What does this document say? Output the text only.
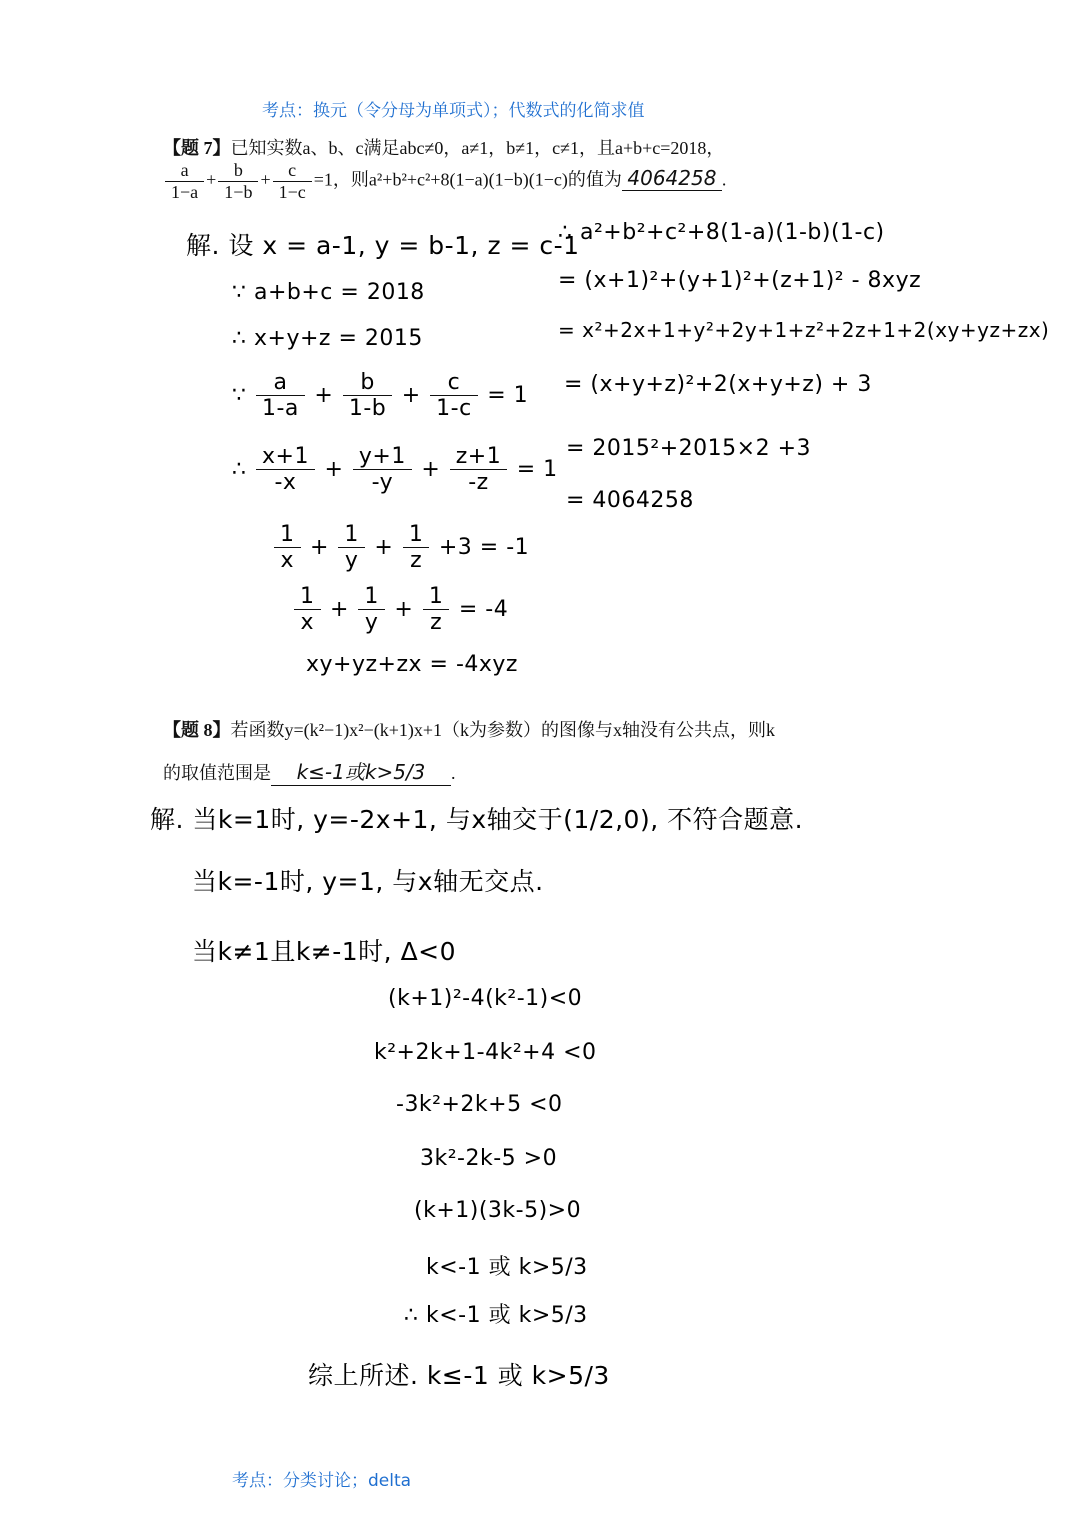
考点：换元（令分母为单项式）；代数式的化简求值
【题 7】已知实数a、b、c满足abc≠0，a≠1，b≠1，c≠1，且a+b+c=2018，
$\frac{a}{1-a} + \frac{b}{1-b} + \frac{c}{1-c} =1$，则a²+b²+c²+8(1−a)(1−b)(1−c)的值为 4064258 .
解. 设 x = a-1, y = b-1, z = c-1
∵ a+b+c = 2018
∴ x+y+z = 2015
∵ $\frac{a}{1-a} + \frac{b}{1-b} + \frac{c}{1-c} = 1$
∴ $\frac{x+1}{-x} + \frac{y+1}{-y} + \frac{z+1}{-z} = 1$
$\frac{1}{x} + \frac{1}{y} + \frac{1}{z} +3 = -1$
$\frac{1}{x} + \frac{1}{y} + \frac{1}{z} = -4$
xy+yz+zx = -4xyz
∴ a²+b²+c²+8(1-a)(1-b)(1-c)
= (x+1)²+(y+1)²+(z+1)² - 8xyz
= x²+2x+1+y²+2y+1+z²+2z+1+2(xy+yz+zx)
= (x+y+z)²+2(x+y+z) + 3
= 2015²+2015×2 +3
= 4064258
【题 8】若函数y=(k²−1)x²−(k+1)x+1（k为参数）的图像与x轴没有公共点，则k
的取值范围是 k≤-1或k>5/3 .
解. 当k=1时, y=-2x+1, 与x轴交于(1/2,0), 不符合题意.
当k=-1时, y=1, 与x轴无交点.
当k≠1且k≠-1时, Δ<0
(k+1)²-4(k²-1)<0
k²+2k+1-4k²+4 <0
-3k²+2k+5 <0
3k²-2k-5 >0
(k+1)(3k-5)>0
k<-1 或 k>5/3
∴ k<-1 或 k>5/3
综上所述. k≤-1 或 k>5/3
考点：分类讨论；delta
